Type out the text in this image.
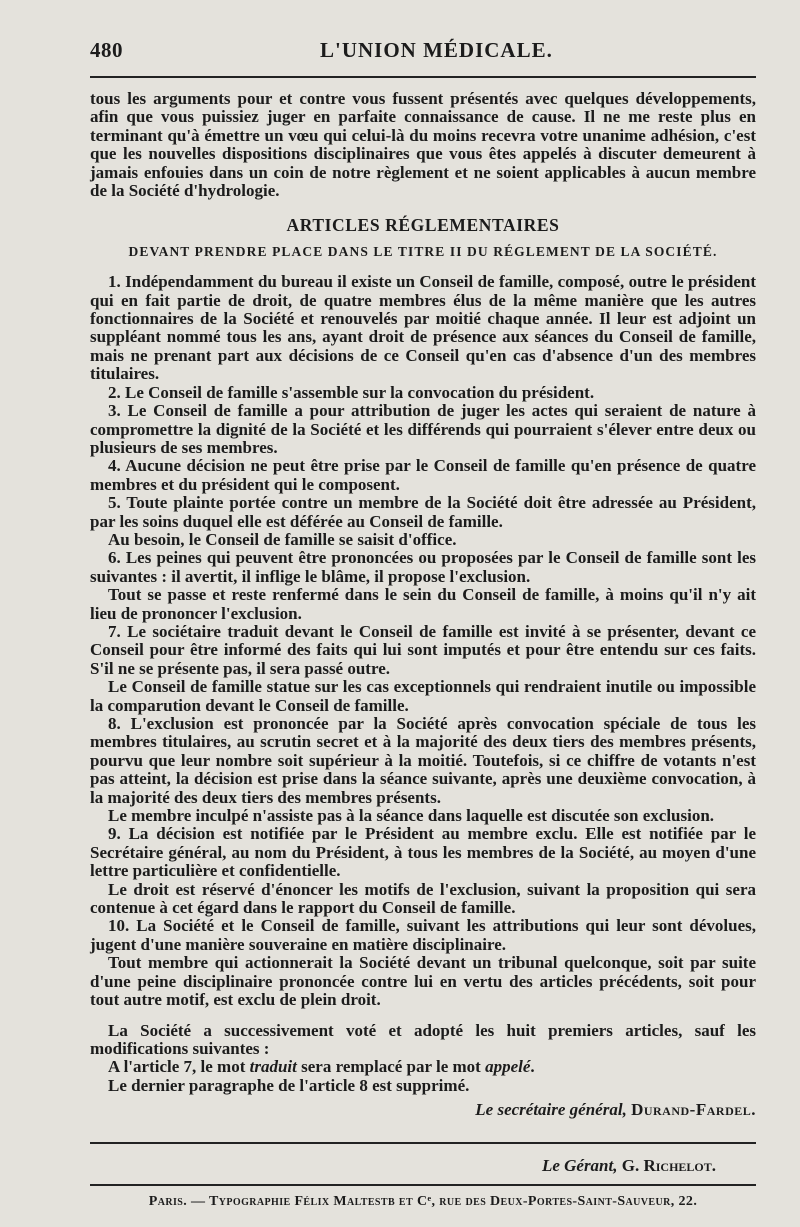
480	L'UNION MÉDICALE.

tous les arguments pour et contre vous fussent présentés avec quelques développements, afin que vous puissiez juger en parfaite connaissance de cause. Il ne me reste plus en terminant qu'à émettre un vœu qui celui-là du moins recevra votre unanime adhésion, c'est que les nouvelles dispositions disciplinaires que vous êtes appelés à discuter demeurent à jamais enfouies dans un coin de notre règlement et ne soient applicables à aucun membre de la Société d'hydrologie.

ARTICLES RÉGLEMENTAIRES
DEVANT PRENDRE PLACE DANS LE TITRE II DU RÉGLEMENT DE LA SOCIÉTÉ.

1. Indépendamment du bureau il existe un Conseil de famille, composé, outre le président qui en fait partie de droit, de quatre membres élus de la même manière que les autres fonctionnaires de la Société et renouvelés par moitié chaque année. Il leur est adjoint un suppléant nommé tous les ans, ayant droit de présence aux séances du Conseil de famille, mais ne prenant part aux décisions de ce Conseil qu'en cas d'absence d'un des membres titulaires.

2. Le Conseil de famille s'assemble sur la convocation du président.

3. Le Conseil de famille a pour attribution de juger les actes qui seraient de nature à compromettre la dignité de la Société et les différends qui pourraient s'élever entre deux ou plusieurs de ses membres.

4. Aucune décision ne peut être prise par le Conseil de famille qu'en présence de quatre membres et du président qui le composent.

5. Toute plainte portée contre un membre de la Société doit être adressée au Président, par les soins duquel elle est déférée au Conseil de famille.

Au besoin, le Conseil de famille se saisit d'office.

6. Les peines qui peuvent être prononcées ou proposées par le Conseil de famille sont les suivantes : il avertit, il inflige le blâme, il propose l'exclusion.

Tout se passe et reste renfermé dans le sein du Conseil de famille, à moins qu'il n'y ait lieu de prononcer l'exclusion.

7. Le sociétaire traduit devant le Conseil de famille est invité à se présenter, devant ce Conseil pour être informé des faits qui lui sont imputés et pour être entendu sur ces faits. S'il ne se présente pas, il sera passé outre.

Le Conseil de famille statue sur les cas exceptionnels qui rendraient inutile ou impossible la comparution devant le Conseil de famille.

8. L'exclusion est prononcée par la Société après convocation spéciale de tous les membres titulaires, au scrutin secret et à la majorité des deux tiers des membres présents, pourvu que leur nombre soit supérieur à la moitié. Toutefois, si ce chiffre de votants n'est pas atteint, la décision est prise dans la séance suivante, après une deuxième convocation, à la majorité des deux tiers des membres présents.

Le membre inculpé n'assiste pas à la séance dans laquelle est discutée son exclusion.

9. La décision est notifiée par le Président au membre exclu. Elle est notifiée par le Secrétaire général, au nom du Président, à tous les membres de la Société, au moyen d'une lettre particulière et confidentielle.

Le droit est réservé d'énoncer les motifs de l'exclusion, suivant la proposition qui sera contenue à cet égard dans le rapport du Conseil de famille.

10. La Société et le Conseil de famille, suivant les attributions qui leur sont dévolues, jugent d'une manière souveraine en matière disciplinaire.

Tout membre qui actionnerait la Société devant un tribunal quelconque, soit par suite d'une peine disciplinaire prononcée contre lui en vertu des articles précédents, soit pour tout autre motif, est exclu de plein droit.

La Société a successivement voté et adopté les huit premiers articles, sauf les modifications suivantes :

A l'article 7, le mot traduit sera remplacé par le mot appelé.

Le dernier paragraphe de l'article 8 est supprimé.

Le secrétaire général, Durand-Fardel.
Le Gérant, G. Richelot.
Paris. — Typographie Félix Maltestb et Cᵉ, rue des Deux-Portes-Saint-Sauveur, 22.
